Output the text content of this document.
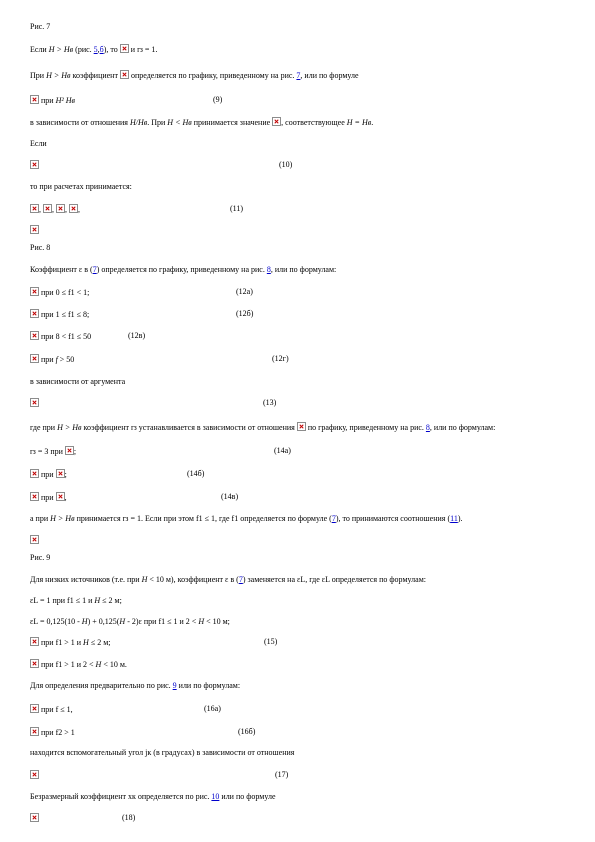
Рис. 7
Если H > Hв (рис. 5,б), то  и rз = 1.
При H > Hв коэффициент  определяется по графику, приведенному на рис. 7, или по формуле
при H² Hв	(9)
в зависимости от отношения H/Hв. При H < Hв принимается значение , соответствующее H = Hв.
Если
(10)
то при расчетах принимается:
, , , ,	(11)
Рис. 8
Коэффициент ε в (7) определяется по графику, приведенному на рис. 8, или по формулам:
при 0 ≤ f1 < 1;	(12а)
при 1 ≤ f1 ≤ 8;	(12б)
при 8 < f1 ≤ 50	(12в)
при f > 50	(12г)
в зависимости от аргумента
(13)
где при H > Hв коэффициент rз устанавливается в зависимости от отношения  по графику, приведенному на рис. 8, или по формулам:
rз = 3 при ;	(14а)
при ;	(14б)
при ,	(14в)
а при H > Hв принимается rз = 1. Если при этом f1 ≤ 1, где f1 определяется по формуле (7), то принимаются соотношения (11).
Рис. 9
Для низких источников (т.е. при H < 10 м), коэффициент ε в (7) заменяется на εL, где εL определяется по формулам:
εL = 1 при f1 ≤ 1 и H ≤ 2 м;
εL = 0,125(10 - H) + 0,125(H - 2)ε при f1 ≤ 1 и 2 < H < 10 м;
при f1 > 1 и H ≤ 2 м;	(15)
при f1 > 1 и 2 < H < 10 м.
Для определения предварительно по рис. 9 или по формулам:
при f ≤ 1,	(16а)
при f2 > 1	(16б)
находится вспомогательный угол jк (в градусах) в зависимости от отношения
(17)
Безразмерный коэффициент xк определяется по рис. 10 или по формуле
(18)
